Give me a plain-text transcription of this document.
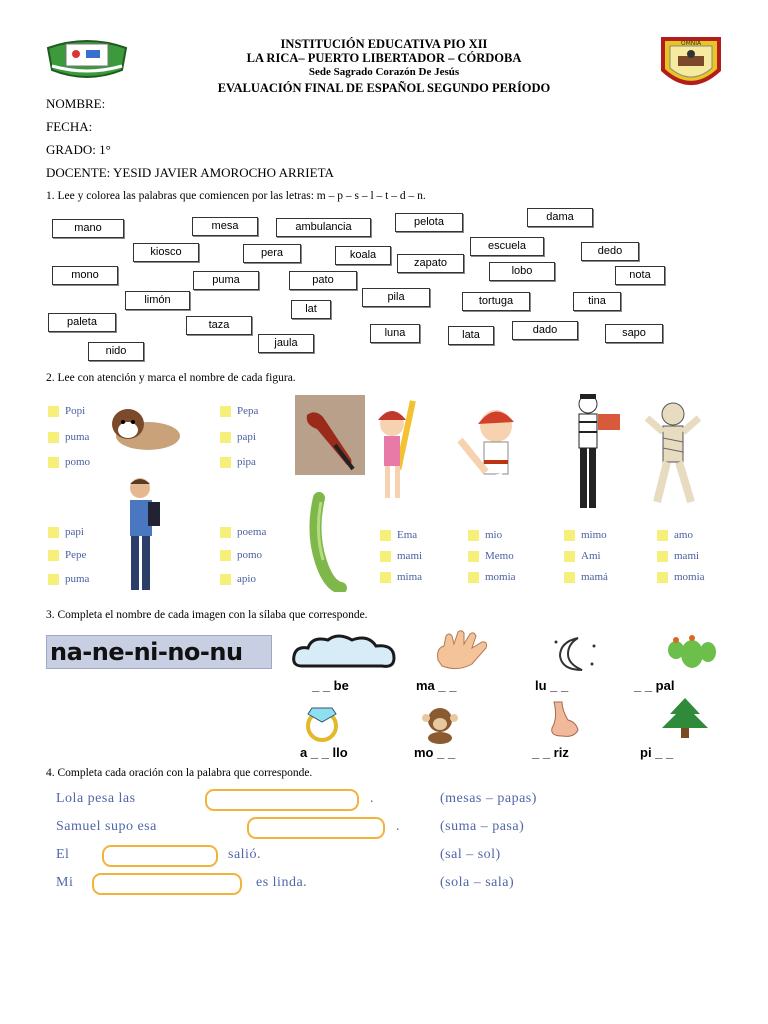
OMNIA
INSTITUCIÓN EDUCATIVA PIO XII
LA RICA– PUERTO LIBERTADOR – CÓRDOBA
Sede Sagrado Corazón De Jesús
EVALUACIÓN FINAL DE ESPAÑOL SEGUNDO PERÍODO
NOMBRE:
FECHA:
GRADO: 1°
DOCENTE: YESID JAVIER AMOROCHO ARRIETA
1. Lee y colorea las palabras que comiencen por las letras: m – p – s – l – t – d – n.
mano	mesa	ambulancia	pelota	dama
kiosco	pera	koala
escuela	dedo
mono	puma	pato
zapato
lobo	nota
limón	pila	tortuga	tina
lat
paleta	taza
luna	lata	dado	sapo
jaula
nido
2. Lee con atención y marca el nombre de cada figura.
Popi
puma
pomo
Pepa
papi
pipa
papi
Pepe
puma
poema
pomo
apio
Ema
mami
mima
mio
Memo
momia
mimo
Ami
mamá
amo
mami
momia
3. Completa el nombre de cada imagen con la sílaba que corresponde.
na-ne-ni-no-nu
_ _ be	ma _ _	lu _ _	_ _ pal
a _ _ llo	mo _ _	_ _ riz	pi _ _
4. Completa cada oración con la palabra que corresponde.
Lola pesa las	.	(mesas – papas)
Samuel supo esa	.	(suma – pasa)
El	salió.	(sal – sol)
Mi	es linda.	(sola – sala)
